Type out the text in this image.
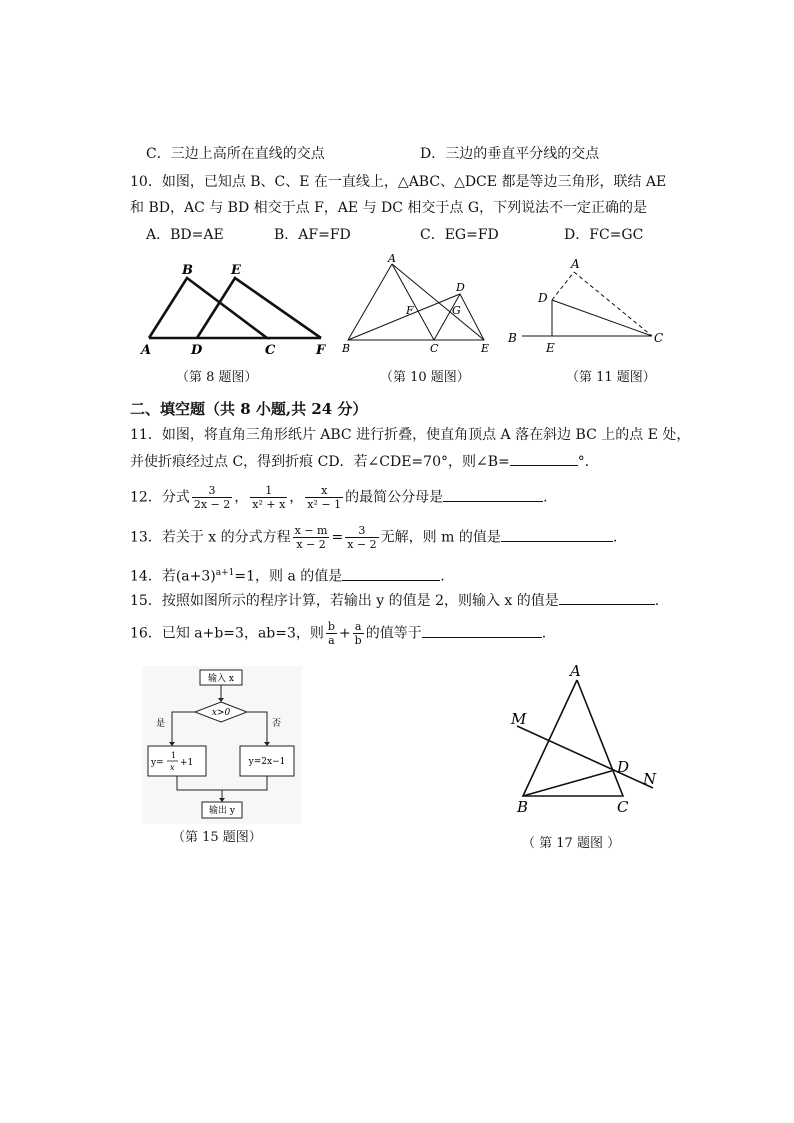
C．三边上高所在直线的交点	D．三边的垂直平分线的交点
10．如图，已知点 B、C、E 在一直线上，△ABC、△DCE 都是等边三角形，联结 AE
和 BD，AC 与 BD 相交于点 F，AE 与 DC 相交于点 G，下列说法不一定正确的是
A．BD=AE	B．AF=FD	C．EG=FD	D．FC=GC
B	E
A	D	C	F
（第 8 题图）
A
D
F	G
B	C	E
（第 10 题图）
A
D
B
E
C
（第 11 题图）
二、填空题（共 8 小题,共 24 分）
11．如图，将直角三角形纸片 ABC 进行折叠，使直角顶点 A 落在斜边 BC 上的点 E 处，
并使折痕经过点 C，得到折痕 CD．若∠CDE=70°，则∠B=	°．
12．分式 $\frac{3}{2x - 2}$ ， $\frac{1}{\text{x² + x}}$ ， $\frac{x}{\text{x² − 1}}$ 的最简公分母是	.
13．若关于 x 的分式方程 $\frac{x - m}{x - 2} = \frac{3}{x - 2}$ 无解，则 m 的值是	.
14．若$(a+3)^{a+1}=1$，则 a 的值是	.
15．按照如图所示的程序计算，若输出 y 的值是 2，则输入 x 的值是	.
16．已知 a+b=3，ab=3，则 $\frac{b}{a} + \frac{a}{b}$ 的值等于	.
输入 x
x>0
是	否
y=
1
x +1	y=2x−1
输出 y
（第 15 题图）
A
M
D
N
B	C
（ 第 17 题图 ）
